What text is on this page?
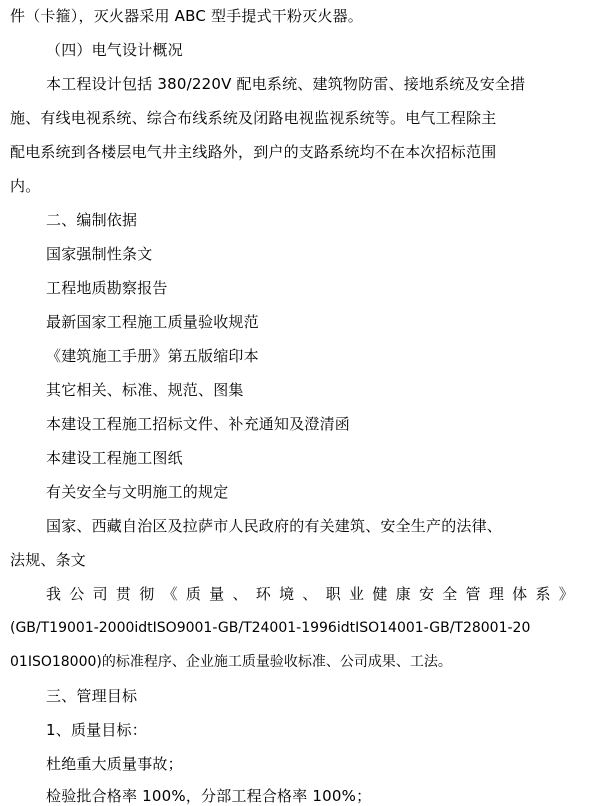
件（卡箍），灭火器采用 ABC 型手提式干粉灭火器。
（四）电气设计概况
本工程设计包括 380/220V 配电系统、建筑物防雷、接地系统及安全措
施、有线电视系统、综合布线系统及闭路电视监视系统等。电气工程除主
配电系统到各楼层电气井主线路外，到户的支路系统均不在本次招标范围
内。
二、编制依据
国家强制性条文
工程地质勘察报告
最新国家工程施工质量验收规范
《建筑施工手册》第五版缩印本
其它相关、标准、规范、图集
本建设工程施工招标文件、补充通知及澄清函
本建设工程施工图纸
有关安全与文明施工的规定
国家、西藏自治区及拉萨市人民政府的有关建筑、安全生产的法律、
法规、条文
我公司贯彻《质量、环境、职业健康安全管理体系》
(GB/T19001-2000idtISO9001-GB/T24001-1996idtISO14001-GB/T28001-20
01ISO18000)的标准程序、企业施工质量验收标准、公司成果、工法。
三、管理目标
1、质量目标：
杜绝重大质量事故；
检验批合格率 100%，分部工程合格率 100%；
